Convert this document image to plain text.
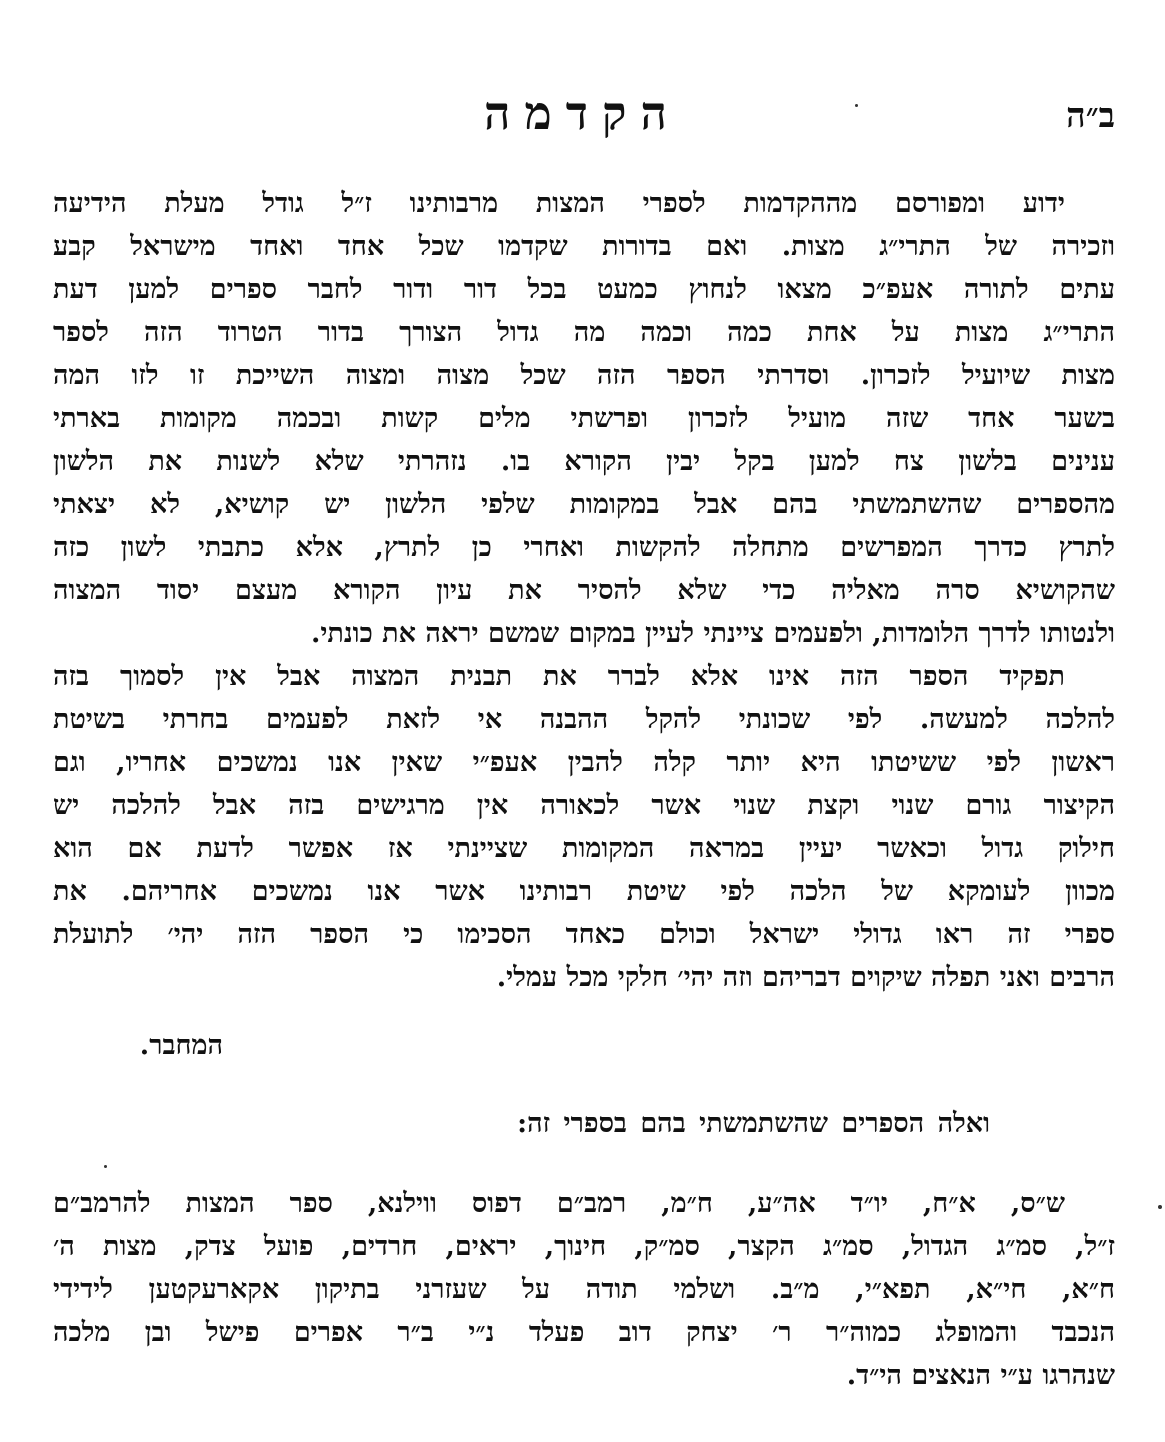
ב״ה
הקדמה
ידוע ומפורסם מההקדמות לספרי המצות מרבותינו ז״ל גודל מעלת הידיעה
וזכירה של התרי״ג מצות. ואם בדורות שקדמו שכל אחד ואחד מישראל קבע
עתים לתורה אעפ״כ מצאו לנחוץ כמעט בכל דור ודור לחבר ספרים למען דעת
התרי״ג מצות על אחת כמה וכמה מה גדול הצורך בדור הטרוד הזה לספר
מצות שיועיל לזכרון. וסדרתי הספר הזה שכל מצוה ומצוה השייכת זו לזו המה
בשער אחד שזה מועיל לזכרון ופרשתי מלים קשות ובכמה מקומות בארתי
ענינים בלשון צח למען בקל יבין הקורא בו. נזהרתי שלא לשנות את הלשון
מהספרים שהשתמשתי בהם אבל במקומות שלפי הלשון יש קושיא, לא יצאתי
לתרץ כדרך המפרשים מתחלה להקשות ואחרי כן לתרץ, אלא כתבתי לשון כזה
שהקושיא סרה מאליה כדי שלא להסיר את עיון הקורא מעצם יסוד המצוה
ולנטותו לדרך הלומדות, ולפעמים ציינתי לעיין במקום שמשם יראה את כונתי.
תפקיד הספר הזה אינו אלא לברר את תבנית המצוה אבל אין לסמוך בזה
להלכה למעשה. לפי שכונתי להקל ההבנה אי לזאת לפעמים בחרתי בשיטת
ראשון לפי ששיטתו היא יותר קלה להבין אעפ״י שאין אנו נמשכים אחריו, וגם
הקיצור גורם שנוי וקצת שנוי אשר לכאורה אין מרגישים בזה אבל להלכה יש
חילוק גדול וכאשר יעיין במראה המקומות שציינתי אז אפשר לדעת אם הוא
מכוון לעומקא של הלכה לפי שיטת רבותינו אשר אנו נמשכים אחריהם. את
ספרי זה ראו גדולי ישראל וכולם כאחד הסכימו כי הספר הזה יהי׳ לתועלת
הרבים ואני תפלה שיקוים דבריהם וזה יהי׳ חלקי מכל עמלי.
המחבר.
ואלה הספרים שהשתמשתי בהם בספרי זה:
ש״ס, א״ח, יו״ד אה״ע, ח״מ, רמב״ם דפוס ווילנא, ספר המצות להרמב״ם
ז״ל, סמ״ג הגדול, סמ״ג הקצר, סמ״ק, חינוך, יראים, חרדים, פועל צדק, מצות ה׳
ח״א, חי״א, תפא״י, מ״ב. ושלמי תודה על שעזרני בתיקון אקארעקטען לידידי
הנכבד והמופלג כמוה״ר ר׳ יצחק דוב פעלד נ״י ב״ר אפרים פישל ובן מלכה
שנהרגו ע״י הנאצים הי״ד.
